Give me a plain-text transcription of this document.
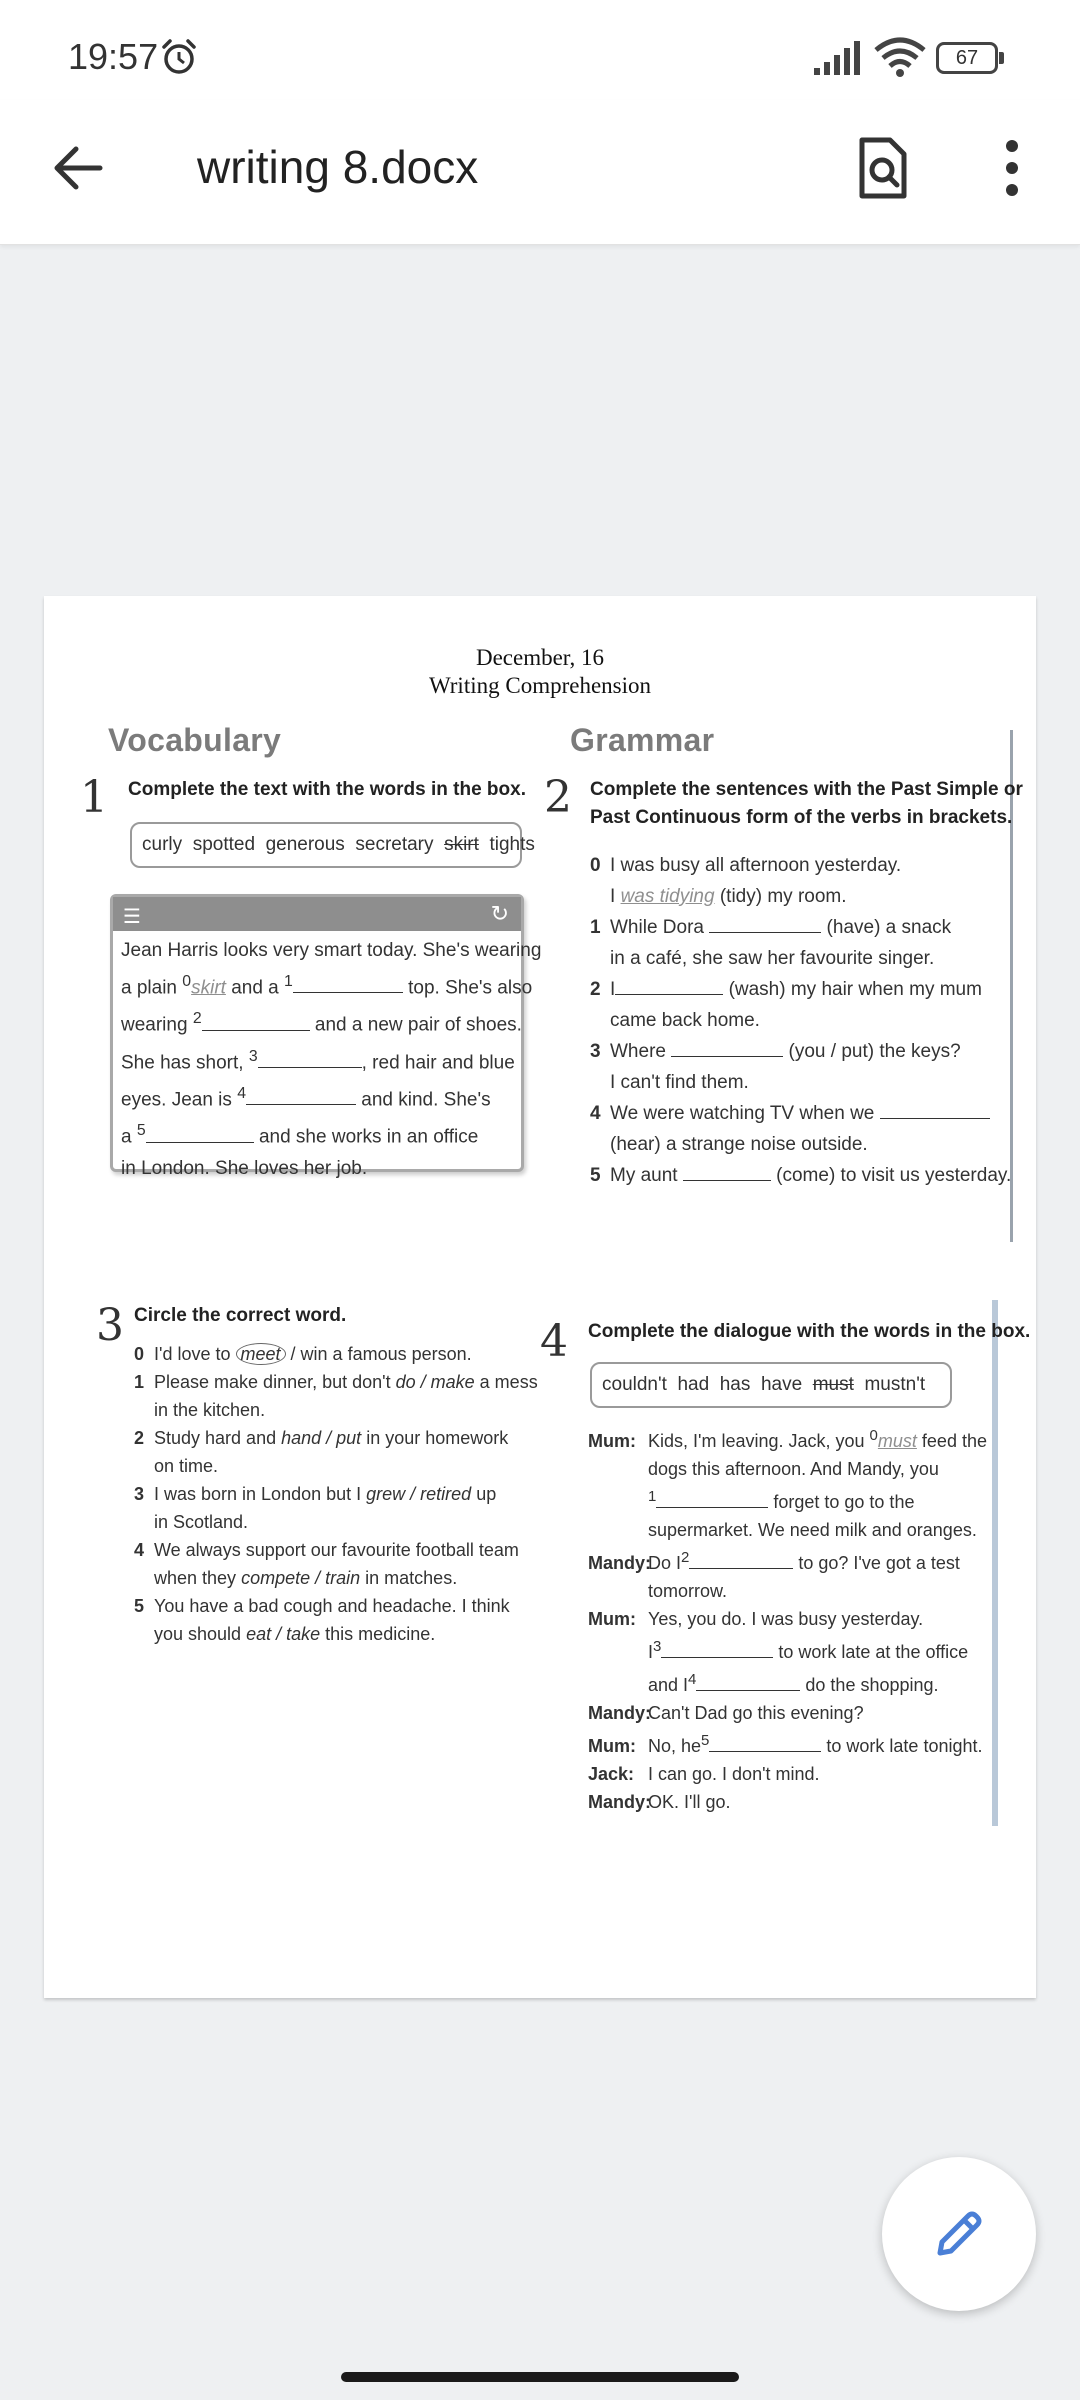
19:57	67
writing 8.docx
December, 16
Writing Comprehension
Vocabulary
1 Complete the text with the words in the box.
curly spotted generous secretary skirt tights
☰	↻
Jean Harris looks very smart today. She's wearing
a plain $^0$skirt and a $^1$	top. She's also
wearing $^2$	and a new pair of shoes.
She has short, $^3$	, red hair and blue
eyes. Jean is $^4$	and kind. She's
a $^5$	and she works in an office
in London. She loves her job.
Grammar
2 Complete the sentences with the Past Simple or
Past Continuous form of the verbs in brackets.
0 I was busy all afternoon yesterday.
I was tidying (tidy) my room.
1 While Dora	(have) a snack
in a café, she saw her favourite singer.
2 I	(wash) my hair when my mum
came back home.
3 Where	(you / put) the keys?
I can't find them.
4 We were watching TV when we
(hear) a strange noise outside.
5 My aunt	(come) to visit us yesterday.
3 Circle the correct word.
0 I'd love to meet / win a famous person.
1 Please make dinner, but don't do / make a mess
in the kitchen.
2 Study hard and hand / put in your homework
on time.
3 I was born in London but I grew / retired up
in Scotland.
4 We always support our favourite football team
when they compete / train in matches.
5 You have a bad cough and headache. I think
you should eat / take this medicine.
4 Complete the dialogue with the words in the box.
couldn't had has have must mustn't
Mum: Kids, I'm leaving. Jack, you $^0$must feed the
dogs this afternoon. And Mandy, you
$^1$	forget to go to the
supermarket. We need milk and oranges.
Mandy:Do $I^2$	to go? I've got a test
tomorrow.
Mum: Yes, you do. I was busy yesterday.
$I^3$	to work late at the office
and $I^4$	do the shopping.
Mandy:Can't Dad go this evening?
Mum: No, $he^5$	to work late tonight.
Jack: I can go. I don't mind.
Mandy:OK. I'll go.
